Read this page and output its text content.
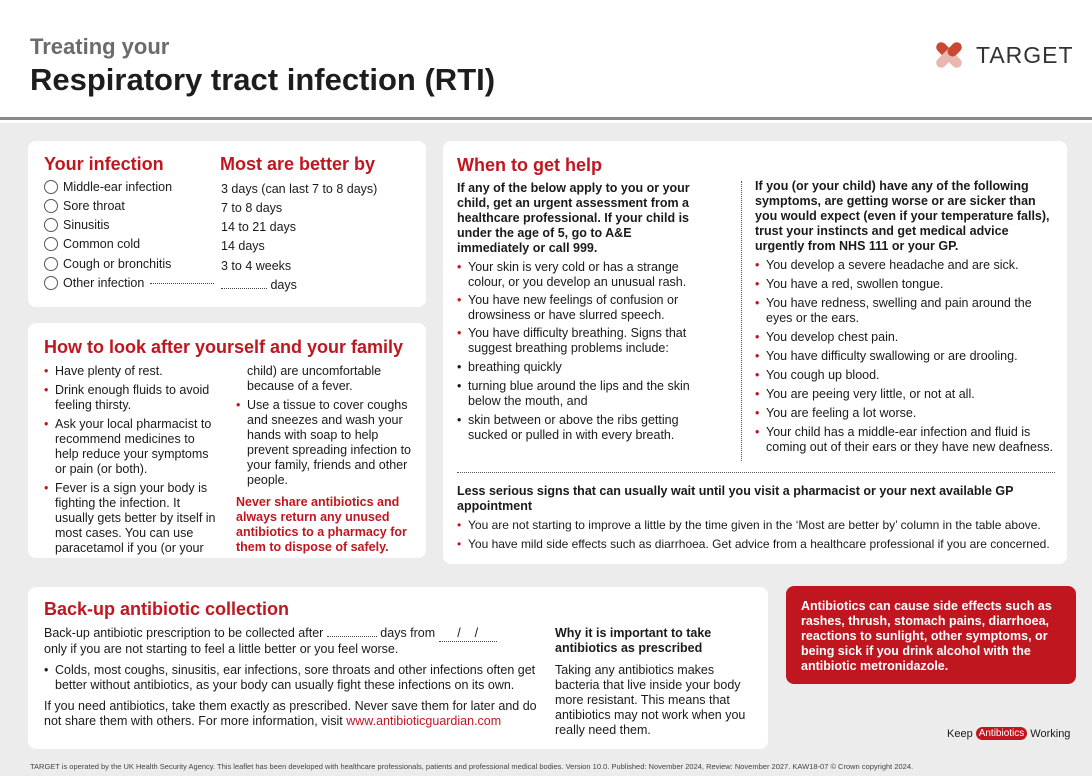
Treating your
Respiratory tract infection (RTI)
TARGET
Your infection	Most are better by
Middle-ear infection	3 days (can last 7 to 8 days)
Sore throat	7 to 8 days
Sinusitis	14 to 21 days
Common cold	14 days
Cough or bronchitis	3 to 4 weeks
Other infection	days
How to look after yourself and your family
• Have plenty of rest.
• Drink enough fluids to avoid feeling thirsty.
• Ask your local pharmacist to recommend medicines to help reduce your symptoms or pain (or both).
• Fever is a sign your body is fighting the infection. It usually gets better by itself in most cases. You can use paracetamol if you (or your
child) are uncomfortable because of a fever.
• Use a tissue to cover coughs and sneezes and wash your hands with soap to help prevent spreading infection to your family, friends and other people.
Never share antibiotics and always return any unused antibiotics to a pharmacy for them to dispose of safely.
When to get help
If any of the below apply to you or your child, get an urgent assessment from a healthcare professional. If your child is under the age of 5, go to A&E immediately or call 999.
• Your skin is very cold or has a strange colour, or you develop an unusual rash.
• You have new feelings of confusion or drowsiness or have slurred speech.
• You have difficulty breathing. Signs that suggest breathing problems include:
• breathing quickly
• turning blue around the lips and the skin below the mouth, and
• skin between or above the ribs getting sucked or pulled in with every breath.
If you (or your child) have any of the following symptoms, are getting worse or are sicker than you would expect (even if your temperature falls), trust your instincts and get medical advice urgently from NHS 111 or your GP.
• You develop a severe headache and are sick.
• You have a red, swollen tongue.
• You have redness, swelling and pain around the eyes or the ears.
• You develop chest pain.
• You have difficulty swallowing or are drooling.
• You cough up blood.
• You are peeing very little, or not at all.
• You are feeling a lot worse.
• Your child has a middle-ear infection and fluid is coming out of their ears or they have new deafness.
Less serious signs that can usually wait until you visit a pharmacist or your next available GP appointment
• You are not starting to improve a little by the time given in the ‘Most are better by’ column in the table above.
• You have mild side effects such as diarrhoea. Get advice from a healthcare professional if you are concerned.
Back-up antibiotic collection
Back-up antibiotic prescription to be collected after	days from  /    /
only if you are not starting to feel a little better or you feel worse.
• Colds, most coughs, sinusitis, ear infections, sore throats and other infections often get better without antibiotics, as your body can usually fight these infections on its own.
If you need antibiotics, take them exactly as prescribed. Never save them for later and do not share them with others. For more information, visit www.antibioticguardian.com
Why it is important to take antibiotics as prescribed
Taking any antibiotics makes bacteria that live inside your body more resistant. This means that antibiotics may not work when you really need them.
Antibiotics can cause side effects such as rashes, thrush, stomach pains, diarrhoea, reactions to sunlight, other symptoms, or being sick if you drink alcohol with the antibiotic metronidazole.
Keep Antibiotics Working
TARGET is operated by the UK Health Security Agency. This leaflet has been developed with healthcare professionals, patients and professional medical bodies. Version 10.0. Published: November 2024, Review: November 2027. KAW18-07 © Crown copyright 2024.
